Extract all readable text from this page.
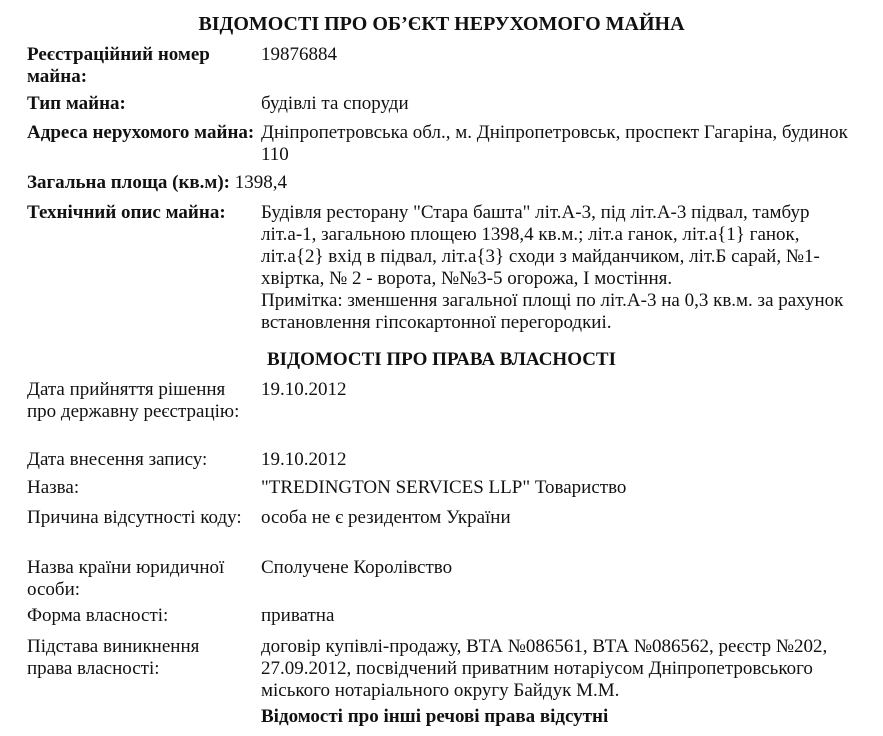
ВІДОМОСТІ ПРО ОБ’ЄКТ НЕРУХОМОГО МАЙНА
Реєстраційний номер майна:
19876884
Тип майна:	будівлі та споруди
Адреса нерухомого майна: Дніпропетровська обл., м. Дніпропетровськ, проспект Гагаріна, будинок 110
Загальна площа (кв.м): 1398,4
Технічний опис майна:	Будівля ресторану "Стара башта" літ.А-3, під літ.А-3 підвал, тамбур літ.а-1, загальною площею 1398,4 кв.м.; літ.а ганок, літ.а{1} ганок, літ.а{2} вхід в підвал, літ.а{3} сходи з майданчиком, літ.Б сарай, №1-хвіртка, № 2 - ворота, №№3-5 огорожа, І мостіння.
Примітка: зменшення загальної площі по літ.А-3 на 0,3 кв.м. за рахунок встановлення гіпсокартонної перегородкиі.
ВІДОМОСТІ ПРО ПРАВА ВЛАСНОСТІ
Дата прийняття рішення про державну реєстрацію:
19.10.2012
Дата внесення запису:	19.10.2012
Назва:	"TREDINGTON SERVICES LLP" Товариство
Причина відсутності коду:	особа не є резидентом України
Назва країни юридичної особи:
Сполучене Королівство
Форма власності:	приватна
Підстава виникнення права власності:
договір купівлі-продажу, ВТА №086561, ВТА №086562, реєстр №202, 27.09.2012, посвідчений приватним нотаріусом Дніпропетровського міського нотаріального округу Байдук М.М.
Відомості про інші речові права відсутні
